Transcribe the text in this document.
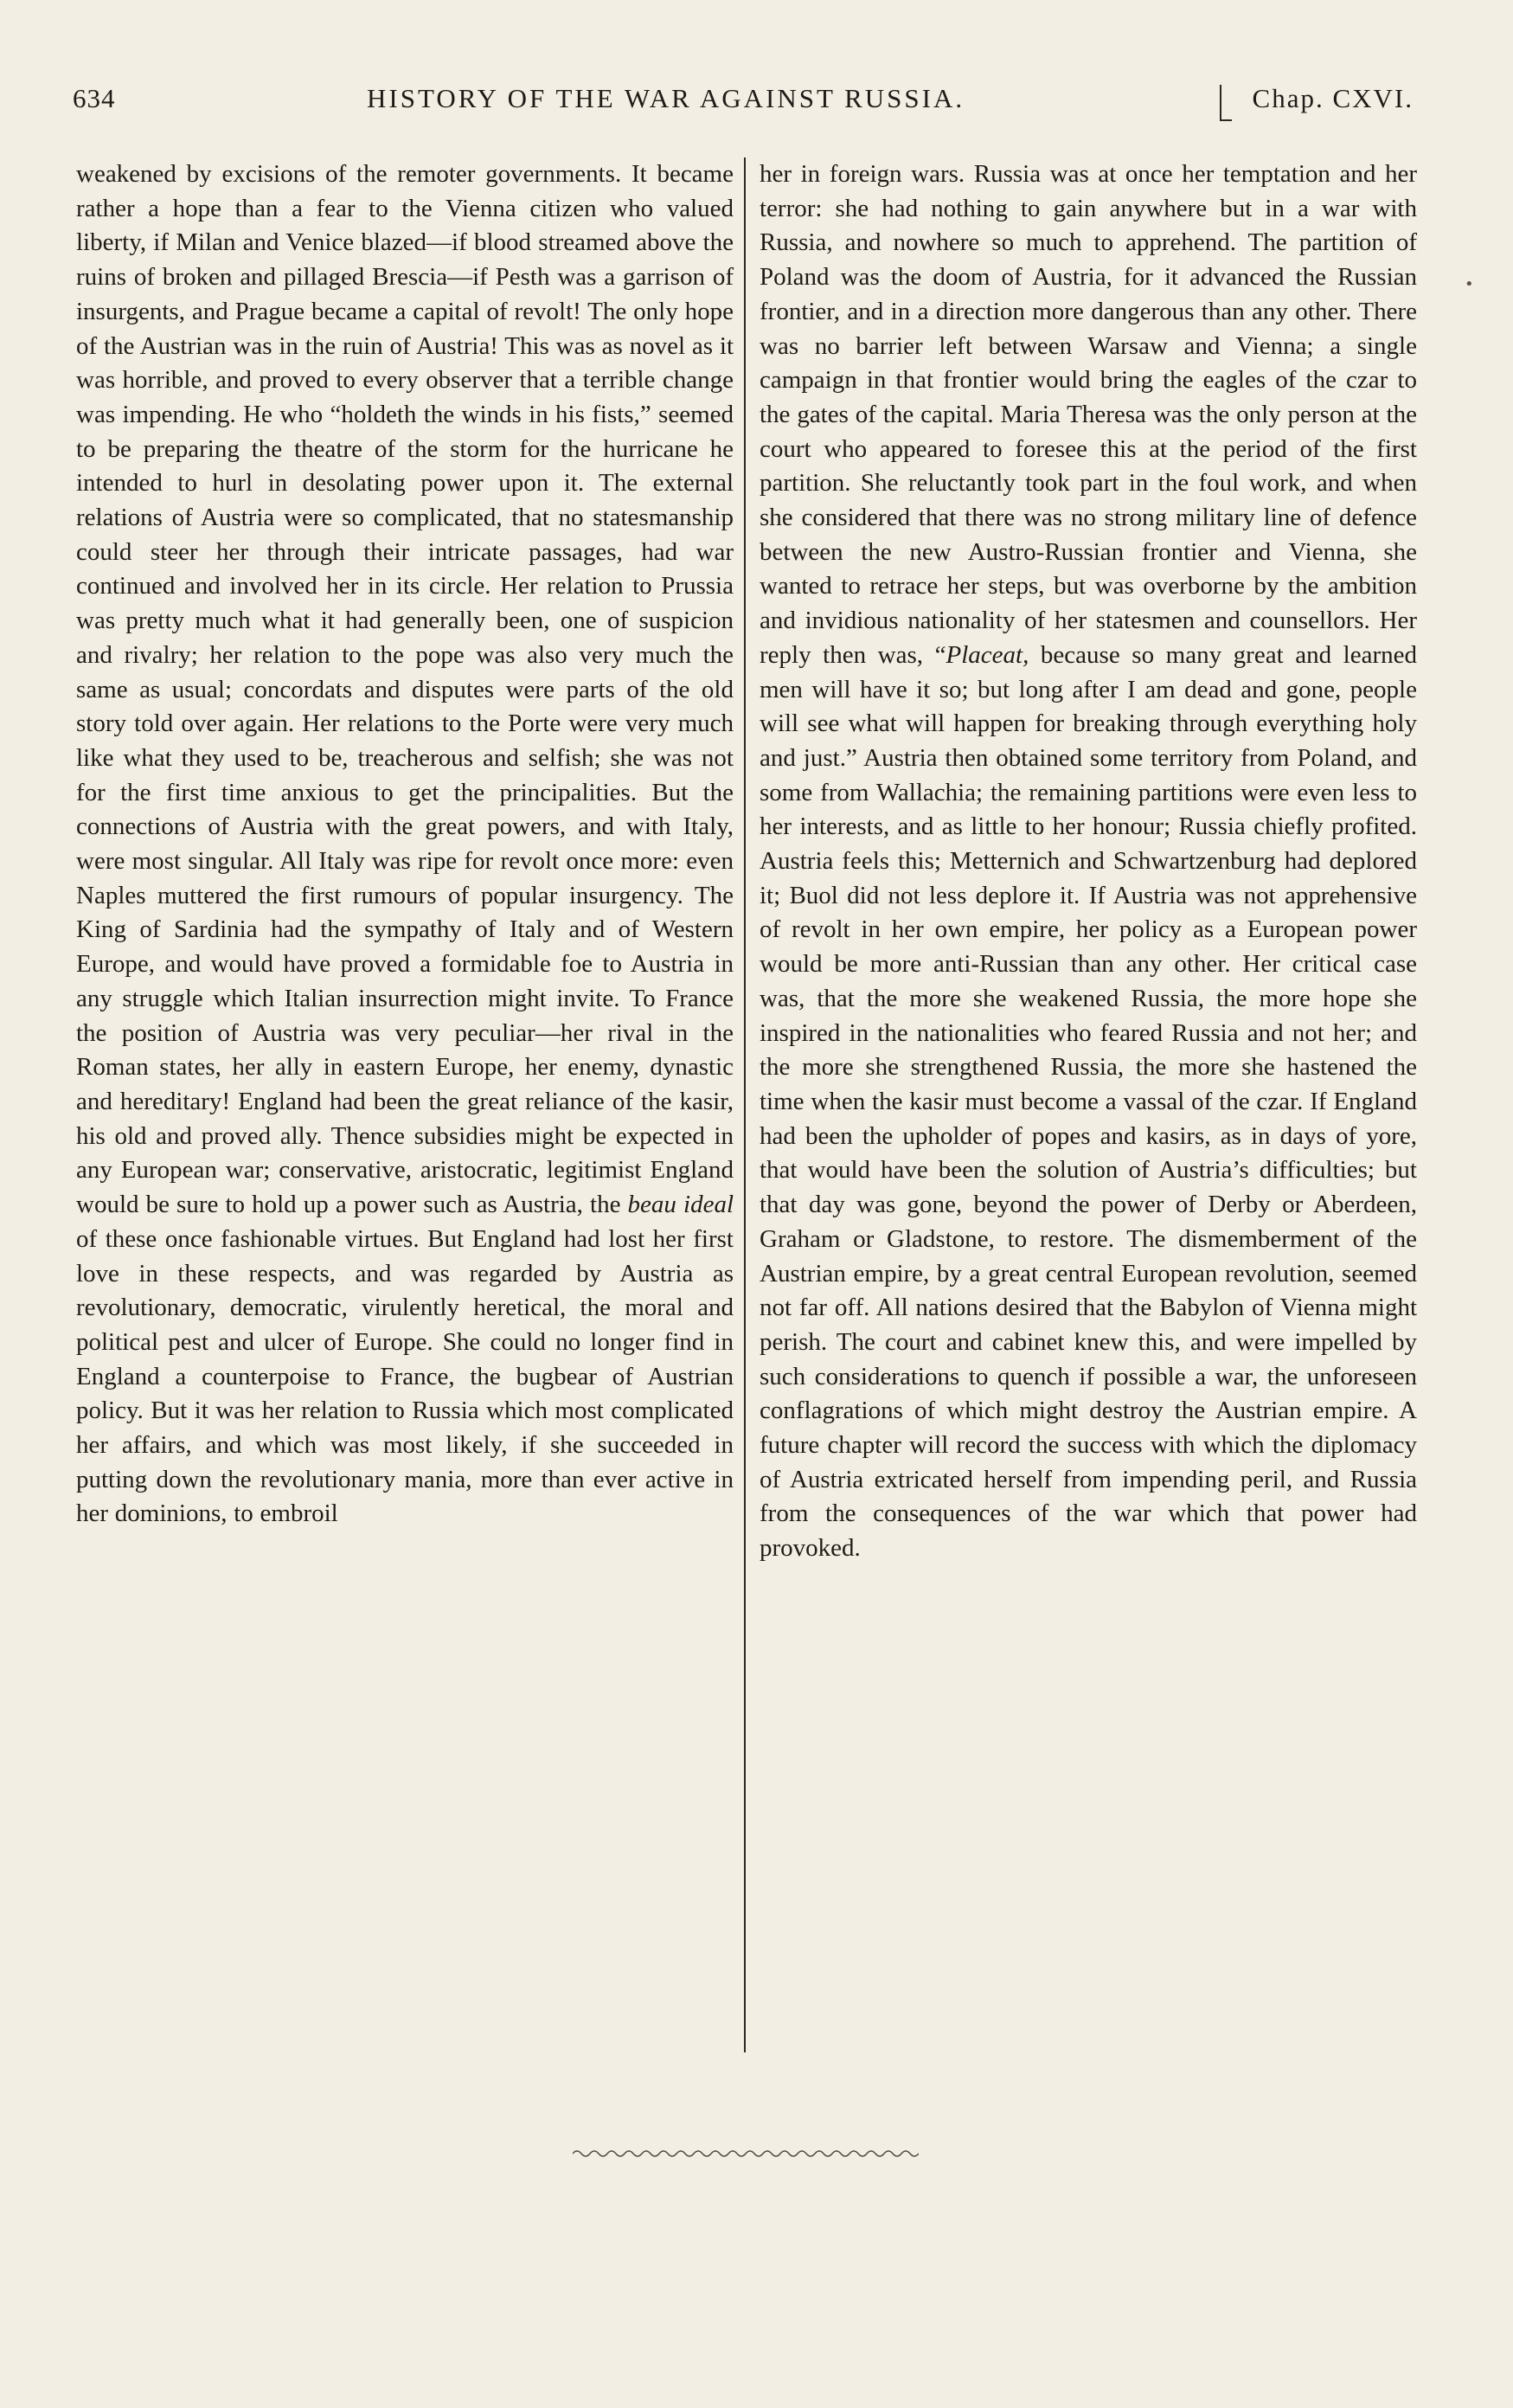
634	HISTORY OF THE WAR AGAINST RUSSIA.	Chap. CXVI.
weakened by excisions of the remoter governments. It became rather a hope than a fear to the Vienna citizen who valued liberty, if Milan and Venice blazed—if blood streamed above the ruins of broken and pillaged Brescia—if Pesth was a garrison of insurgents, and Prague became a capital of revolt! The only hope of the Austrian was in the ruin of Austria! This was as novel as it was horrible, and proved to every observer that a terrible change was impending. He who “holdeth the winds in his fists,” seemed to be preparing the theatre of the storm for the hurricane he intended to hurl in desolating power upon it. The external relations of Austria were so complicated, that no statesmanship could steer her through their intricate passages, had war continued and involved her in its circle. Her relation to Prussia was pretty much what it had generally been, one of suspicion and rivalry; her relation to the pope was also very much the same as usual; concordats and disputes were parts of the old story told over again. Her relations to the Porte were very much like what they used to be, treacherous and selfish; she was not for the first time anxious to get the principalities. But the connections of Austria with the great powers, and with Italy, were most singular. All Italy was ripe for revolt once more: even Naples muttered the first rumours of popular insurgency. The King of Sardinia had the sympathy of Italy and of Western Europe, and would have proved a formidable foe to Austria in any struggle which Italian insurrection might invite. To France the position of Austria was very peculiar—her rival in the Roman states, her ally in eastern Europe, her enemy, dynastic and hereditary! England had been the great reliance of the kasir, his old and proved ally. Thence subsidies might be expected in any European war; conservative, aristocratic, legitimist England would be sure to hold up a power such as Austria, the beau ideal of these once fashionable virtues. But England had lost her first love in these respects, and was regarded by Austria as revolutionary, democratic, virulently heretical, the moral and political pest and ulcer of Europe. She could no longer find in England a counterpoise to France, the bugbear of Austrian policy. But it was her relation to Russia which most complicated her affairs, and which was most likely, if she succeeded in putting down the revolutionary mania, more than ever active in her dominions, to embroil
her in foreign wars. Russia was at once her temptation and her terror: she had nothing to gain anywhere but in a war with Russia, and nowhere so much to apprehend. The partition of Poland was the doom of Austria, for it advanced the Russian frontier, and in a direction more dangerous than any other. There was no barrier left between Warsaw and Vienna; a single campaign in that frontier would bring the eagles of the czar to the gates of the capital. Maria Theresa was the only person at the court who appeared to foresee this at the period of the first partition. She reluctantly took part in the foul work, and when she considered that there was no strong military line of defence between the new Austro-Russian frontier and Vienna, she wanted to retrace her steps, but was overborne by the ambition and invidious nationality of her statesmen and counsellors. Her reply then was, “Placeat, because so many great and learned men will have it so; but long after I am dead and gone, people will see what will happen for breaking through everything holy and just.” Austria then obtained some territory from Poland, and some from Wallachia; the remaining partitions were even less to her interests, and as little to her honour; Russia chiefly profited. Austria feels this; Metternich and Schwartzenburg had deplored it; Buol did not less deplore it. If Austria was not apprehensive of revolt in her own empire, her policy as a European power would be more anti-Russian than any other. Her critical case was, that the more she weakened Russia, the more hope she inspired in the nationalities who feared Russia and not her; and the more she strengthened Russia, the more she hastened the time when the kasir must become a vassal of the czar. If England had been the upholder of popes and kasirs, as in days of yore, that would have been the solution of Austria’s difficulties; but that day was gone, beyond the power of Derby or Aberdeen, Graham or Gladstone, to restore. The dismemberment of the Austrian empire, by a great central European revolution, seemed not far off. All nations desired that the Babylon of Vienna might perish. The court and cabinet knew this, and were impelled by such considerations to quench if possible a war, the unforeseen conflagrations of which might destroy the Austrian empire. A future chapter will record the success with which the diplomacy of Austria extricated herself from impending peril, and Russia from the consequences of the war which that power had provoked.
•
